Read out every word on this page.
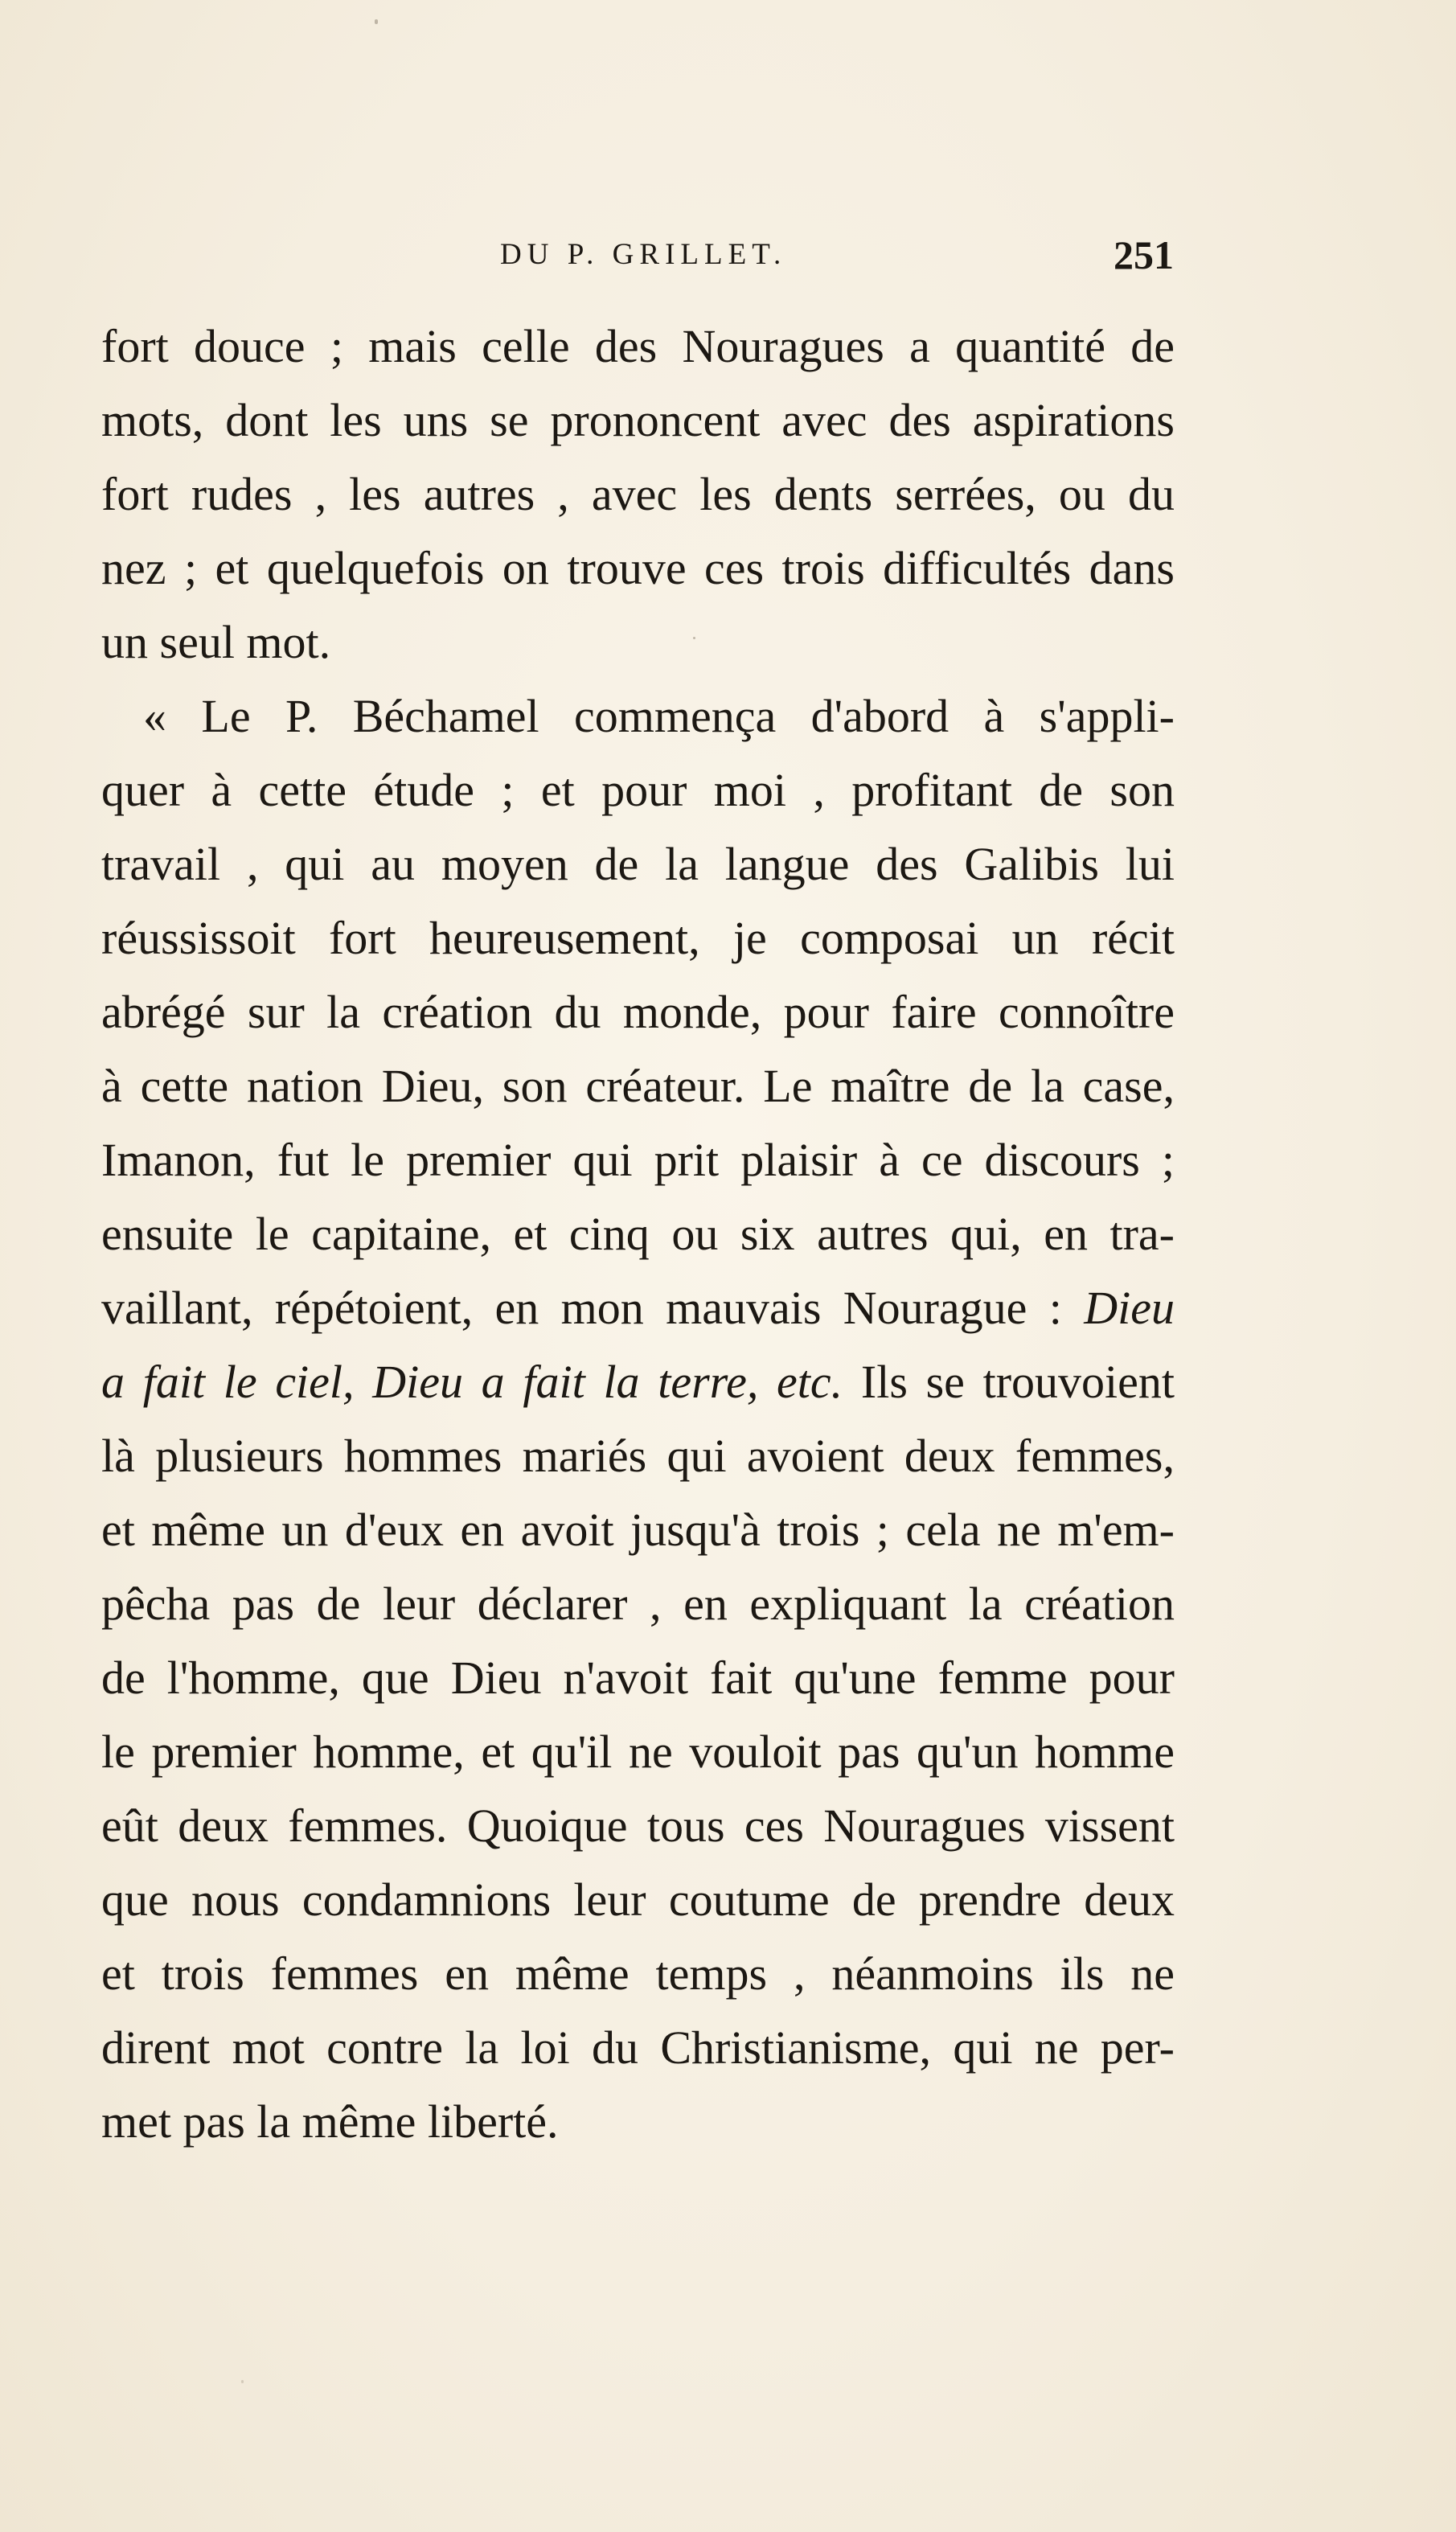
DU P. GRILLET.	251
fort douce ; mais celle des Nouragues a quantité de
mots, dont les uns se prononcent avec des aspirations
fort rudes , les autres , avec les dents serrées, ou du
nez ; et quelquefois on trouve ces trois difficultés dans
un seul mot.
« Le P. Béchamel commença d'abord à s'appli-
quer à cette étude ; et pour moi , profitant de son
travail , qui au moyen de la langue des Galibis lui
réussissoit fort heureusement, je composai un récit
abrégé sur la création du monde, pour faire connoître
à cette nation Dieu, son créateur. Le maître de la case,
Imanon, fut le premier qui prit plaisir à ce discours ;
ensuite le capitaine, et cinq ou six autres qui, en tra-
vaillant, répétoient, en mon mauvais Nourague : Dieu
a fait le ciel, Dieu a fait la terre, etc. Ils se trouvoient
là plusieurs hommes mariés qui avoient deux femmes,
et même un d'eux en avoit jusqu'à trois ; cela ne m'em-
pêcha pas de leur déclarer , en expliquant la création
de l'homme, que Dieu n'avoit fait qu'une femme pour
le premier homme, et qu'il ne vouloit pas qu'un homme
eût deux femmes. Quoique tous ces Nouragues vissent
que nous condamnions leur coutume de prendre deux
et trois femmes en même temps , néanmoins ils ne
dirent mot contre la loi du Christianisme, qui ne per-
met pas la même liberté.
